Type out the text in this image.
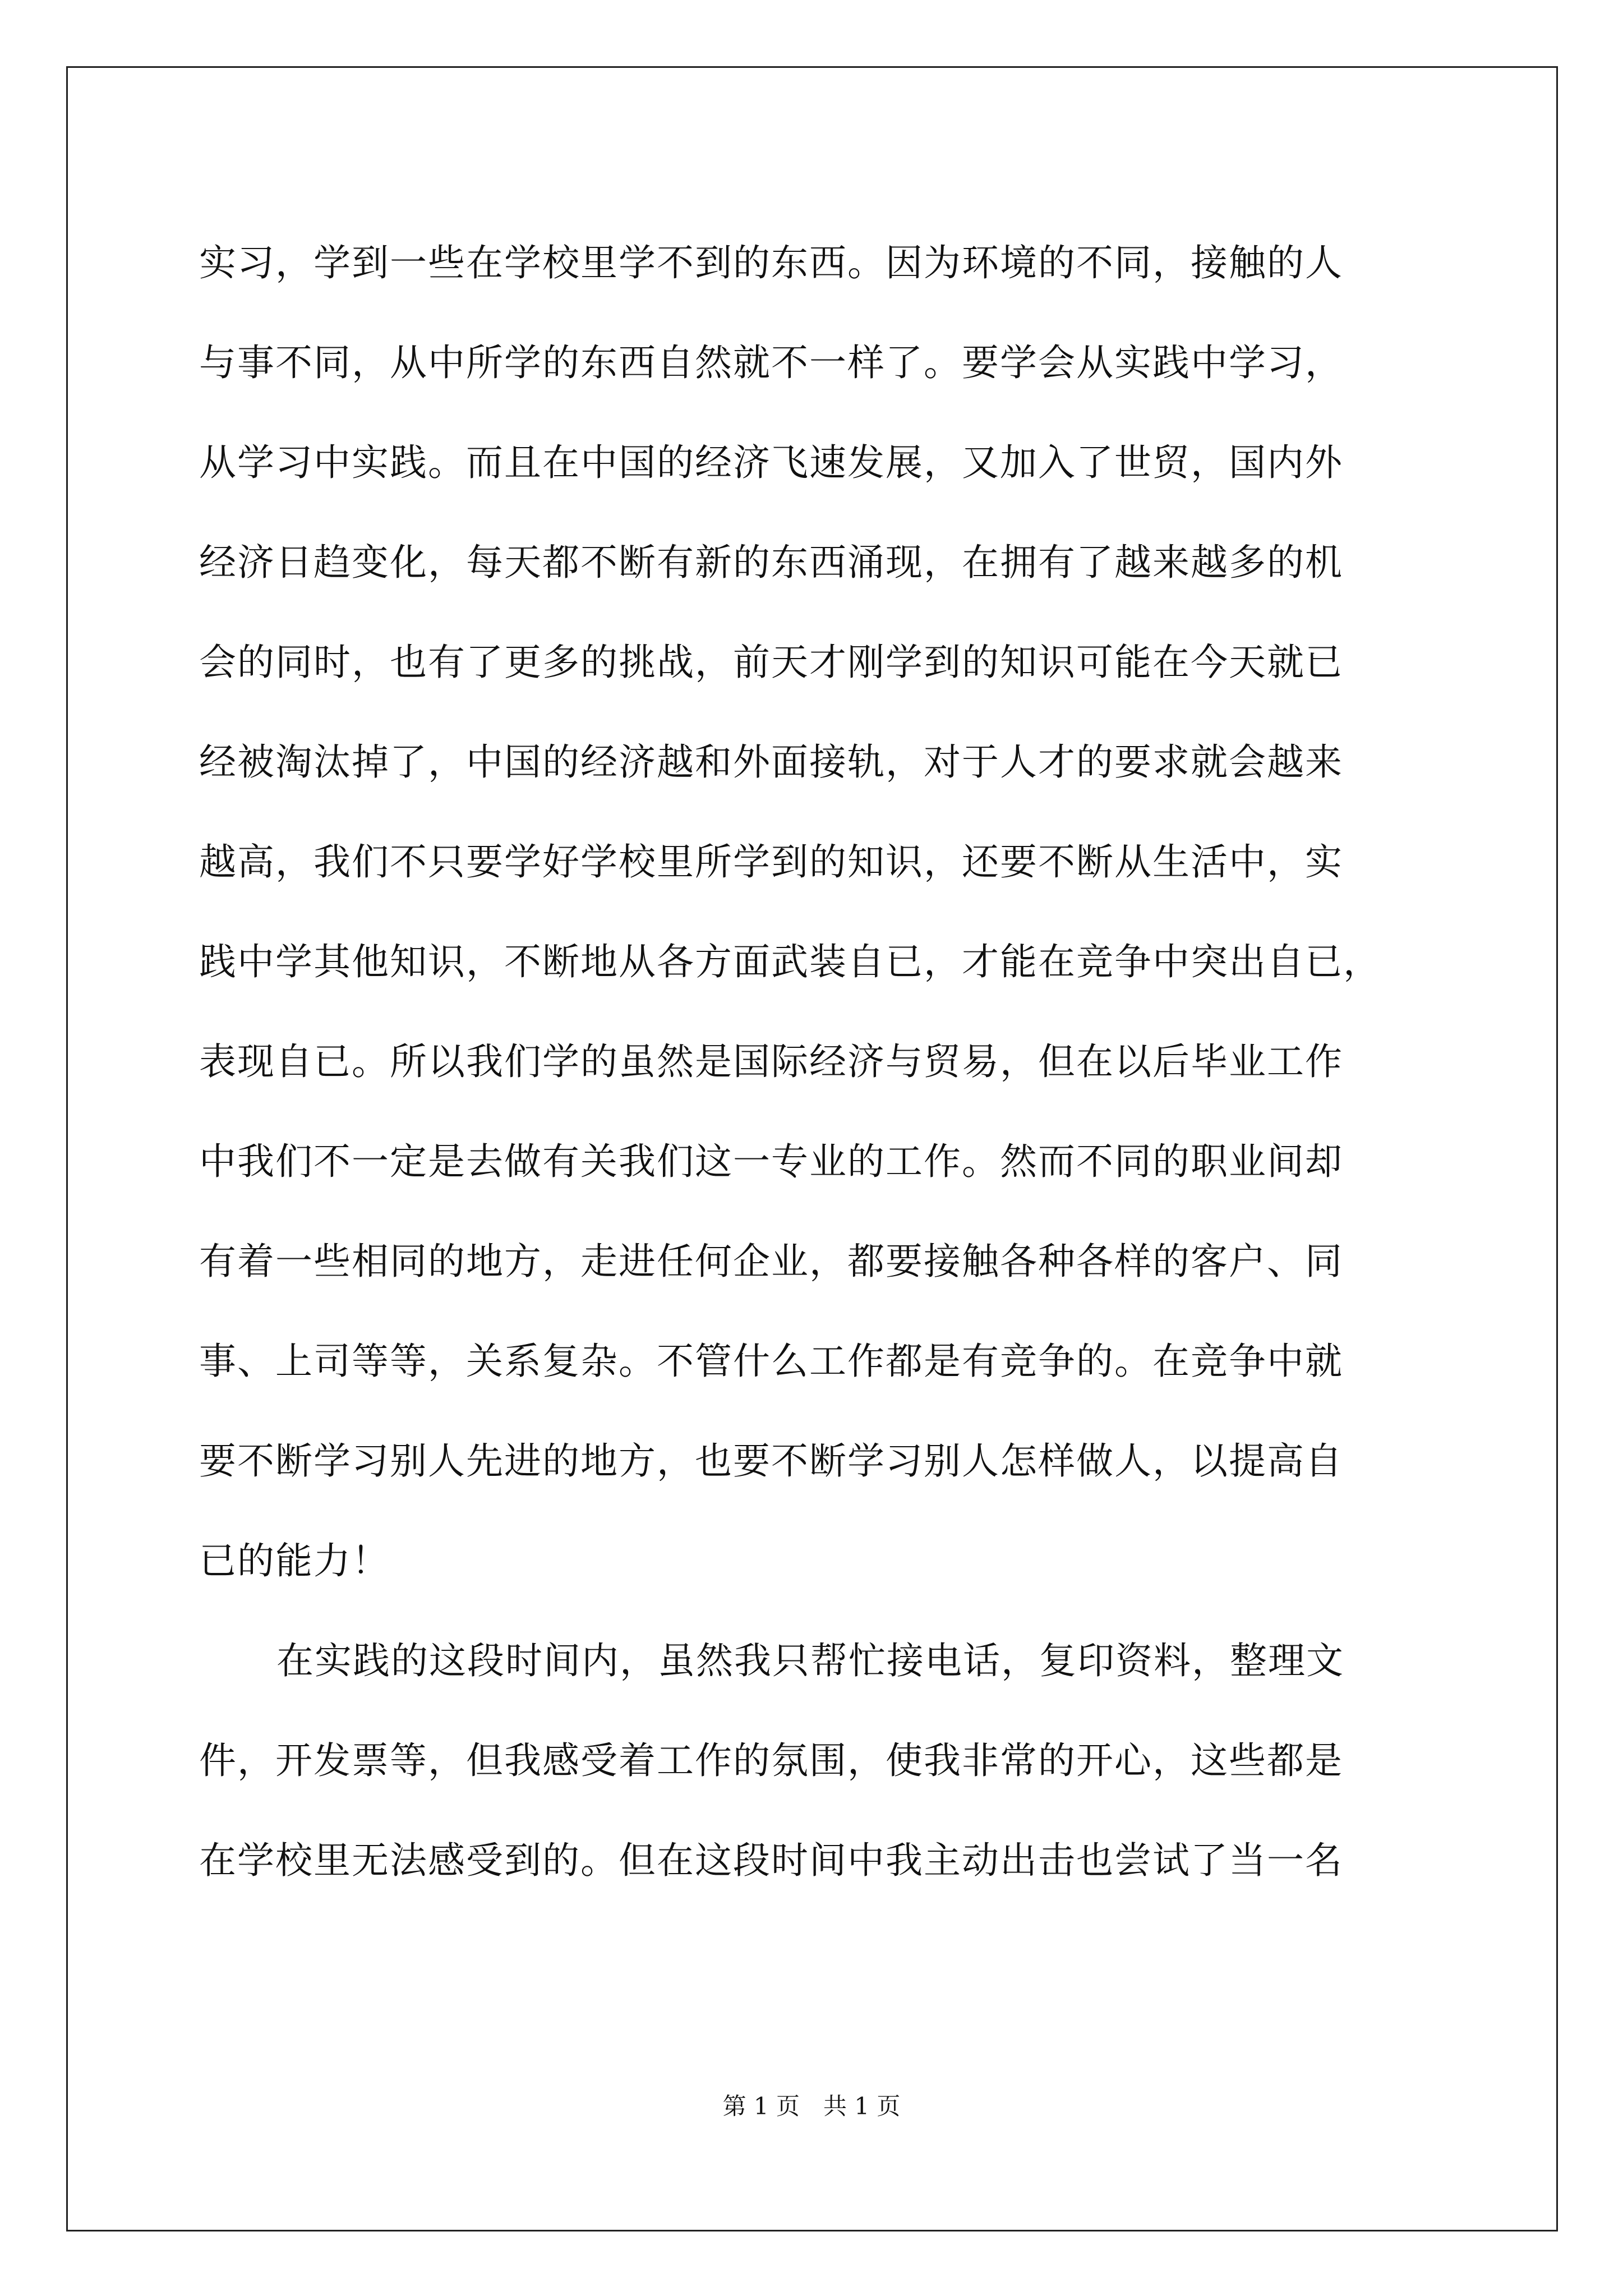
实习，学到一些在学校里学不到的东西。因为环境的不同，接触的人
与事不同，从中所学的东西自然就不一样了。要学会从实践中学习，
从学习中实践。而且在中国的经济飞速发展，又加入了世贸，国内外
经济日趋变化，每天都不断有新的东西涌现，在拥有了越来越多的机
会的同时，也有了更多的挑战，前天才刚学到的知识可能在今天就已
经被淘汰掉了，中国的经济越和外面接轨，对于人才的要求就会越来
越高，我们不只要学好学校里所学到的知识，还要不断从生活中，实
践中学其他知识，不断地从各方面武装自已，才能在竞争中突出自已，
表现自已。所以我们学的虽然是国际经济与贸易，但在以后毕业工作
中我们不一定是去做有关我们这一专业的工作。然而不同的职业间却
有着一些相同的地方，走进任何企业，都要接触各种各样的客户、同
事、上司等等，关系复杂。不管什么工作都是有竞争的。在竞争中就
要不断学习别人先进的地方，也要不断学习别人怎样做人，以提高自
已的能力！
在实践的这段时间内，虽然我只帮忙接电话，复印资料，整理文
件，开发票等，但我感受着工作的氛围，使我非常的开心，这些都是
在学校里无法感受到的。但在这段时间中我主动出击也尝试了当一名
第 1 页　共 1 页
